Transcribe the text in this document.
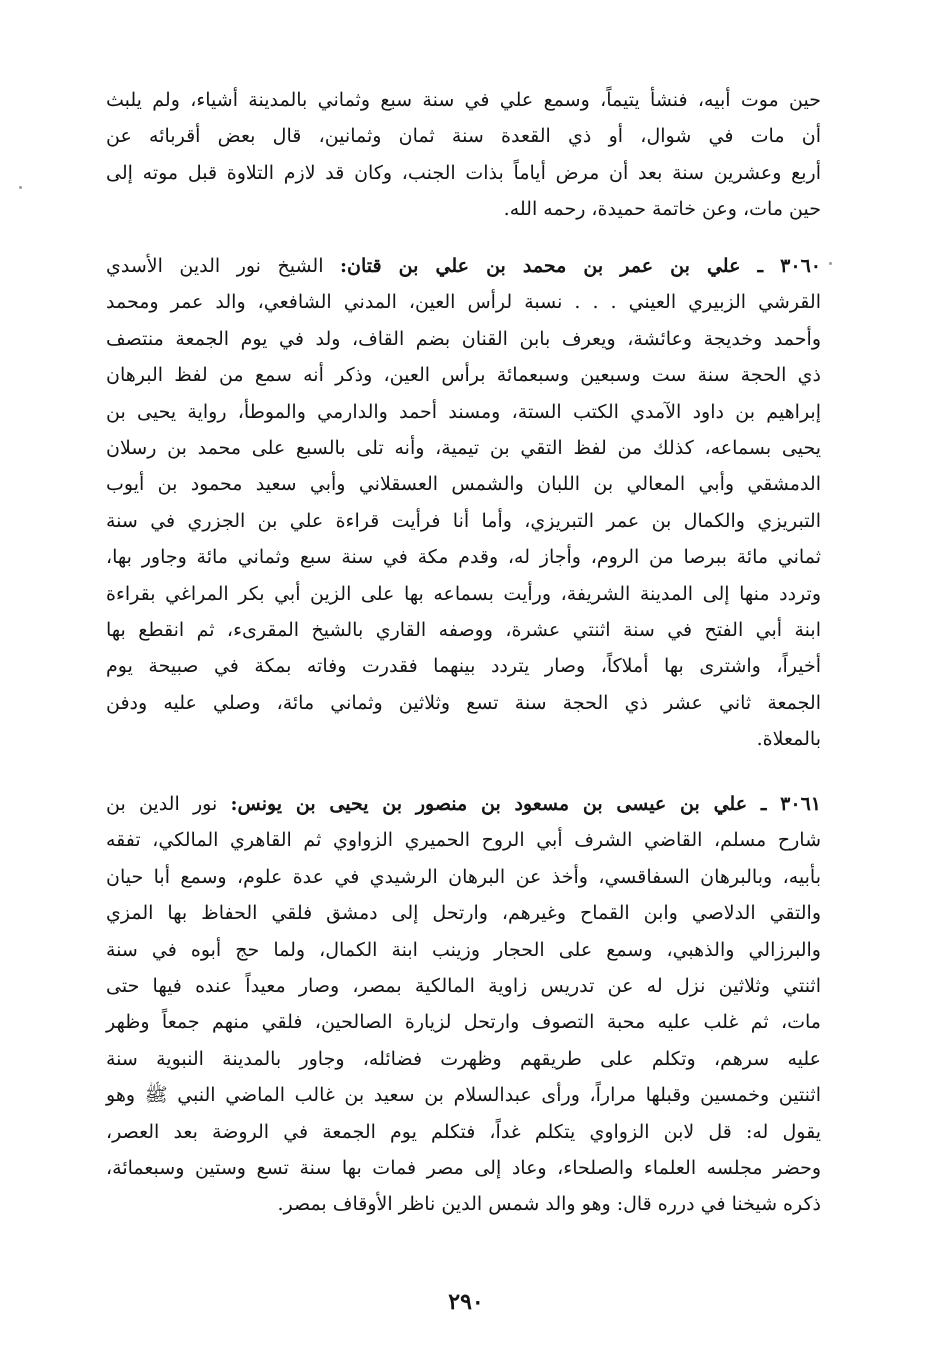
حين موت أبيه، فنشأ يتيماً، وسمع علي في سنة سبع وثماني بالمدينة أشياء، ولم يلبث
أن مات في شوال، أو ذي القعدة سنة ثمان وثمانين، قال بعض أقربائه عن
أربع وعشرين سنة بعد أن مرض أياماً بذات الجنب، وكان قد لازم التلاوة قبل موته إلى
حين مات، وعن خاتمة حميدة، رحمه الله.
٣٠٦٠ ـ علي بن عمر بن محمد بن علي بن قتان: الشيخ نور الدين الأسدي
القرشي الزبيري العيني . . . نسبة لرأس العين، المدني الشافعي، والد عمر ومحمد
وأحمد وخديجة وعائشة، ويعرف بابن القنان بضم القاف، ولد في يوم الجمعة منتصف
ذي الحجة سنة ست وسبعين وسبعمائة برأس العين، وذكر أنه سمع من لفظ البرهان
إبراهيم بن داود الآمدي الكتب الستة، ومسند أحمد والدارمي والموطأ، رواية يحيى بن
يحيى بسماعه، كذلك من لفظ التقي بن تيمية، وأنه تلى بالسبع على محمد بن رسلان
الدمشقي وأبي المعالي بن اللبان والشمس العسقلاني وأبي سعيد محمود بن أيوب
التبريزي والكمال بن عمر التبريزي، وأما أنا فرأيت قراءة علي بن الجزري في سنة
ثماني مائة ببرصا من الروم، وأجاز له، وقدم مكة في سنة سبع وثماني مائة وجاور بها،
وتردد منها إلى المدينة الشريفة، ورأيت بسماعه بها على الزين أبي بكر المراغي بقراءة
ابنة أبي الفتح في سنة اثنتي عشرة، ووصفه القاري بالشيخ المقرىء، ثم انقطع بها
أخيراً، واشترى بها أملاكاً، وصار يتردد بينهما فقدرت وفاته بمكة في صبيحة يوم
الجمعة ثاني عشر ذي الحجة سنة تسع وثلاثين وثماني مائة، وصلي عليه ودفن
بالمعلاة.
٣٠٦١ ـ علي بن عيسى بن مسعود بن منصور بن يحيى بن يونس: نور الدين بن
شارح مسلم، القاضي الشرف أبي الروح الحميري الزواوي ثم القاهري المالكي، تفقه
بأبيه، وبالبرهان السفاقسي، وأخذ عن البرهان الرشيدي في عدة علوم، وسمع أبا حيان
والتقي الدلاصي وابن القماح وغيرهم، وارتحل إلى دمشق فلقي الحفاظ بها المزي
والبرزالي والذهبي، وسمع على الحجار وزينب ابنة الكمال، ولما حج أبوه في سنة
اثنتي وثلاثين نزل له عن تدريس زاوية المالكية بمصر، وصار معيداً عنده فيها حتى
مات، ثم غلب عليه محبة التصوف وارتحل لزيارة الصالحين، فلقي منهم جمعاً وظهر
عليه سرهم، وتكلم على طريقهم وظهرت فضائله، وجاور بالمدينة النبوية سنة
اثنتين وخمسين وقبلها مراراً، ورأى عبدالسلام بن سعيد بن غالب الماضي النبي ﷺ وهو
يقول له: قل لابن الزواوي يتكلم غداً، فتكلم يوم الجمعة في الروضة بعد العصر،
وحضر مجلسه العلماء والصلحاء، وعاد إلى مصر فمات بها سنة تسع وستين وسبعمائة،
ذكره شيخنا في درره قال: وهو والد شمس الدين ناظر الأوقاف بمصر.
٢٩٠
